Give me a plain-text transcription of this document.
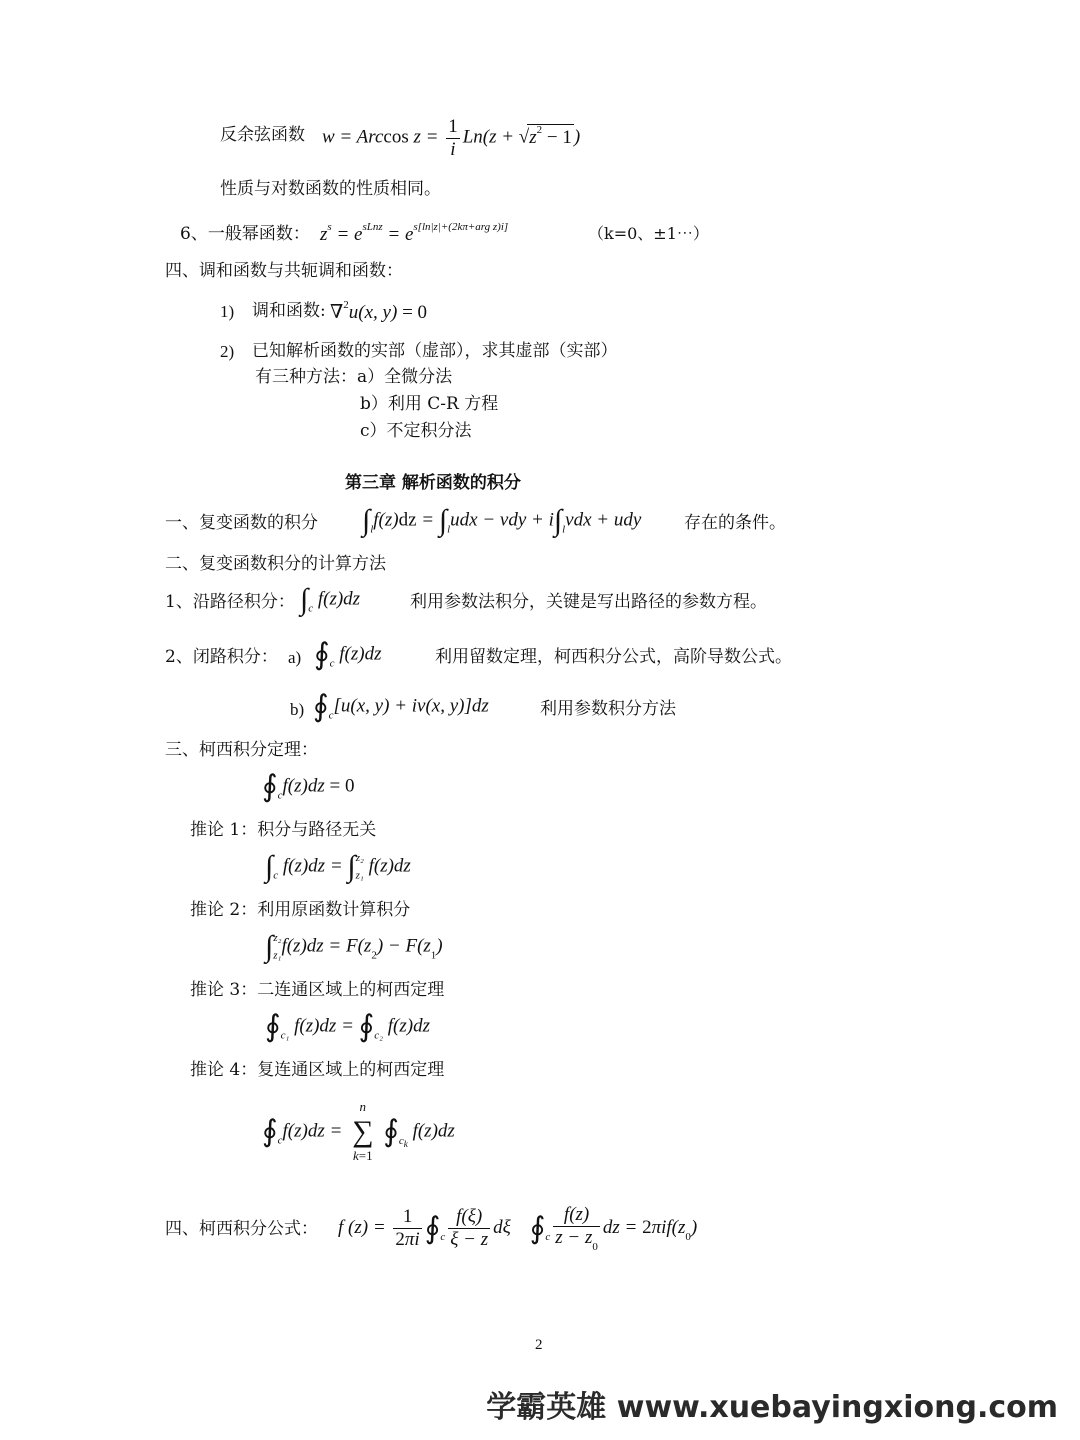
反余弦函数 w = Arccos $z = \frac{1}{i} Ln(z + √z^2 - 1$ )
性质与对数函数的性质相同。
6、一般幂函数： $z^s = e^{sLnz} = e^{s[ln|z|+(2k\pi+arg z)i]}$	（k=0、±1⋯）
四、调和函数与共轭调和函数：
1) 调和函数: ∇$^2$u(x, y) = 0
2) 已知解析函数的实部（虚部），求其虚部（实部）
有三种方法：a）全微分法
b）利用 C-R 方程
c）不定积分法
第三章 解析函数的积分
一、复变函数的积分 $\int_lf(z)dz = \int_ludx$ − vdy + $i\int_lvdx$ + udy	存在的条件。
二、复变函数积分的计算方法
1、沿路径积分： $\int_c$ f(z)dz	利用参数法积分，关键是写出路径的参数方程。
2、闭路积分： a) $∮_c$ f(z)dz	利用留数定理，柯西积分公式，高阶导数公式。
b) $∮_c[u(x$, y) + iv(x, y)]dz	利用参数积分方法
三、柯西积分定理：
$∮_cf(z)dz = 0$
推论 1：积分与路径无关
$\int_c$ $f(z)dz = \int_{z_1}^{z_2}$ f(z)dz
推论 2：利用原函数计算积分
$\int_{z_1}^{z_2}f(z)dz = F(z_2) - F(z_1)$
推论 3：二连通区域上的柯西定理
$∮_{c_1}$ $f(z)dz = ∮_{c_2}$ f(z)dz
推论 4：复连通区域上的柯西定理
$∮_cf(z)dz$ =
n
∑
k=1
$∮_{c_k}$ f(z)dz
四、柯西积分公式： f $(z) = \frac{1}{2\pi i}$ $∮_c \frac{f(\xi)}{\xi - z}$ dξ    $∮_c \frac{f(z)}{z - z_0}$ dz = $2\pi if(z_0)$
2
学霸英雄 www.xuebayingxiong.com
